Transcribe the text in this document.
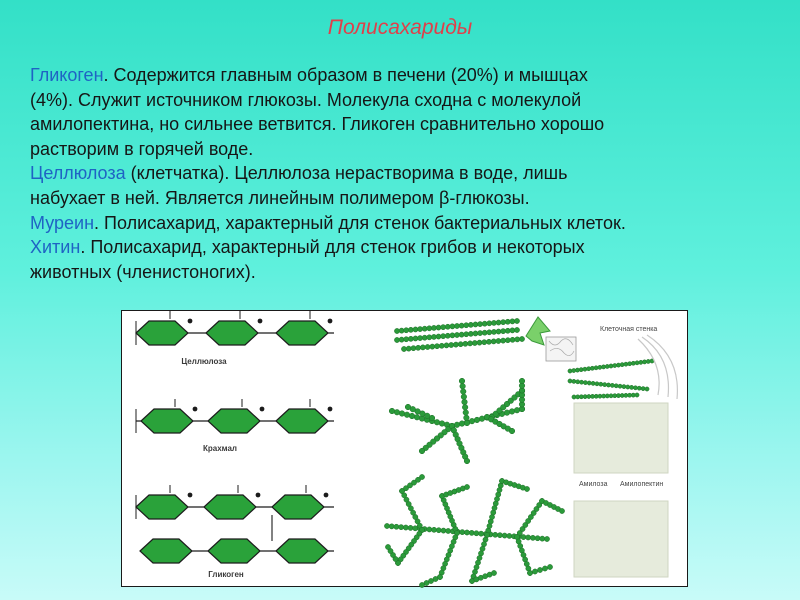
Полисахариды

Гликоген. Содержится главным образом в печени (20%) и мышцах
(4%). Служит источником глюкозы. Молекула сходна с молекулой
амилопектина, но сильнее ветвится. Гликоген сравнительно хорошо
растворим в горячей воде.

Целлюлоза (клетчатка). Целлюлоза нерастворима в воде, лишь
набухает в ней. Является линейным полимером β-глюкозы.

Муреин. Полисахарид, характерный для стенок бактериальных клеток.

Хитин. Полисахарид, характерный для стенок грибов и некоторых
животных (членистоногих).

Целлюлоза
Крахмал
Гликоген
Клеточная стенка
Амилоза Амилопектин
